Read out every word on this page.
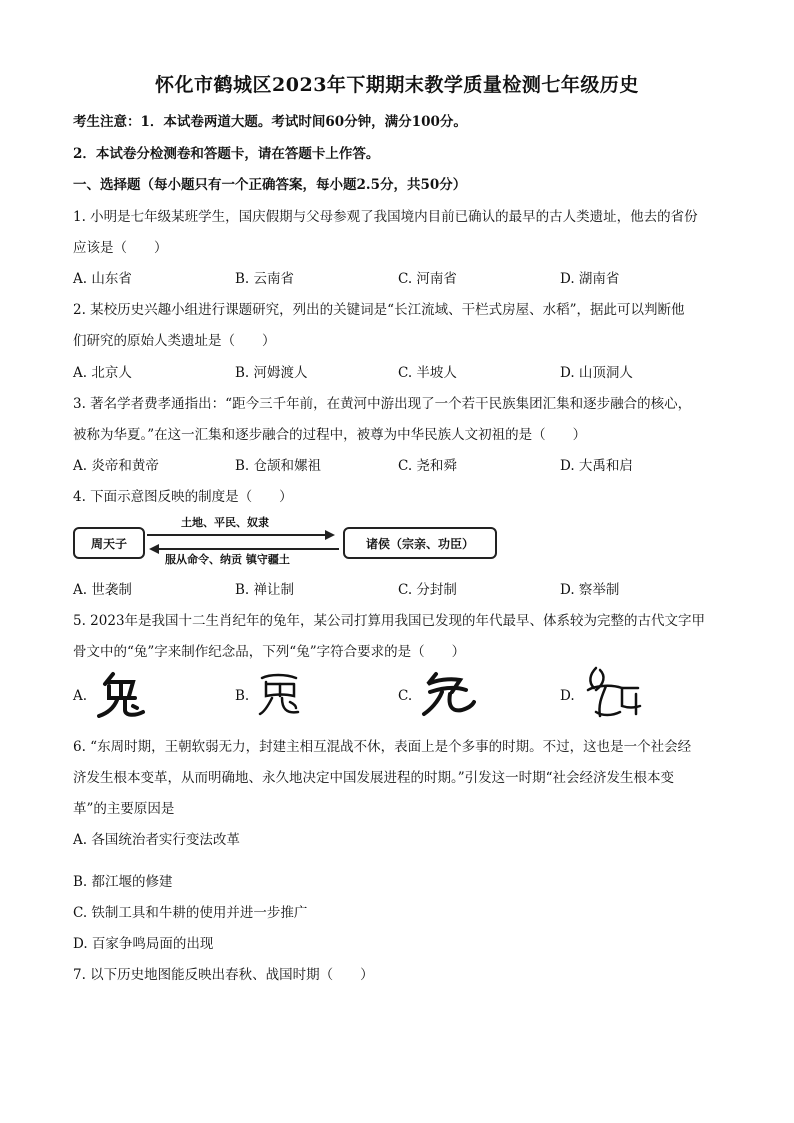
怀化市鹤城区2023年下期期末教学质量检测七年级历史
考生注意：1．本试卷两道大题。考试时间60分钟，满分100分。
2．本试卷分检测卷和答题卡，请在答题卡上作答。
一、选择题（每小题只有一个正确答案，每小题2.5分，共50分）
1. 小明是七年级某班学生，国庆假期与父母参观了我国境内目前已确认的最早的古人类遗址，他去的省份
应该是（　　）
A. 山东省	B. 云南省	C. 河南省	D. 湖南省
2. 某校历史兴趣小组进行课题研究，列出的关键词是“长江流域、干栏式房屋、水稻”，据此可以判断他
们研究的原始人类遗址是（　　）
A. 北京人	B. 河姆渡人	C. 半坡人	D. 山顶洞人
3. 著名学者费孝通指出：“距今三千年前，在黄河中游出现了一个若干民族集团汇集和逐步融合的核心，
被称为华夏。”在这一汇集和逐步融合的过程中，被尊为中华民族人文初祖的是（　　）
A. 炎帝和黄帝	B. 仓颉和嫘祖	C. 尧和舜	D. 大禹和启
4. 下面示意图反映的制度是（　　）
周天子	诸侯（宗亲、功臣）
土地、平民、奴隶
服从命令、纳贡 镇守疆土
A. 世袭制	B. 禅让制	C. 分封制	D. 察举制
5. 2023年是我国十二生肖纪年的兔年，某公司打算用我国已发现的年代最早、体系较为完整的古代文字甲
骨文中的“兔”字来制作纪念品，下列“兔”字符合要求的是（　　）
A.	B.	C.	D.
6. “东周时期，王朝软弱无力，封建主相互混战不休，表面上是个多事的时期。不过，这也是一个社会经
济发生根本变革，从而明确地、永久地决定中国发展进程的时期。”引发这一时期“社会经济发生根本变
革”的主要原因是
A. 各国统治者实行变法改革
B. 都江堰的修建
C. 铁制工具和牛耕的使用并进一步推广
D. 百家争鸣局面的出现
7. 以下历史地图能反映出春秋、战国时期（　　）
